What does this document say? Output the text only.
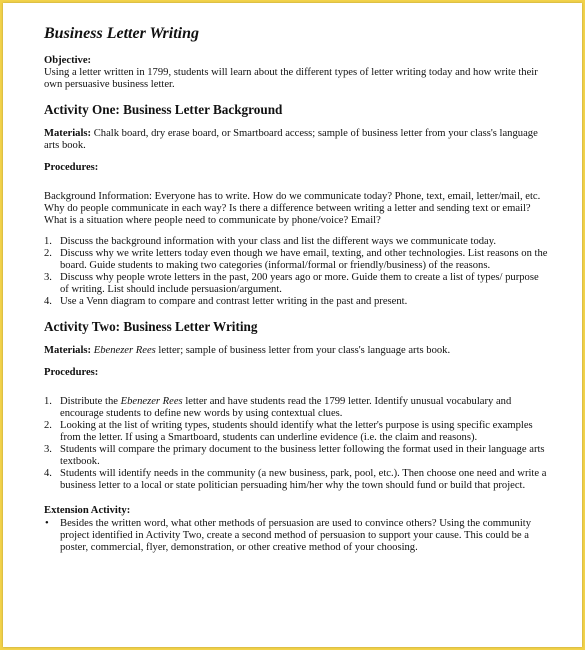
Business Letter Writing
Objective:
Using a letter written in 1799, students will learn about the different types of letter writing today and how write their own persuasive business letter.
Activity One: Business Letter Background
Materials: Chalk board, dry erase board, or Smartboard access; sample of business letter from your class's language arts book.
Procedures:
Background Information: Everyone has to write. How do we communicate today? Phone, text, email, letter/mail, etc. Why do people communicate in each way? Is there a difference between writing a letter and sending text or email? What is a situation where people need to communicate by phone/voice? Email?
1. Discuss the background information with your class and list the different ways we communicate today.
2. Discuss why we write letters today even though we have email, texting, and other technologies. List reasons on the board. Guide students to making two categories (informal/formal or friendly/business) of the reasons.
3. Discuss why people wrote letters in the past, 200 years ago or more. Guide them to create a list of types/ purpose of writing. List should include persuasion/argument.
4. Use a Venn diagram to compare and contrast letter writing in the past and present.
Activity Two: Business Letter Writing
Materials: Ebenezer Rees letter; sample of business letter from your class's language arts book.
Procedures:
1. Distribute the Ebenezer Rees letter and have students read the 1799 letter. Identify unusual vocabulary and encourage students to define new words by using contextual clues.
2. Looking at the list of writing types, students should identify what the letter's purpose is using specific examples from the letter. If using a Smartboard, students can underline evidence (i.e. the claim and reasons).
3. Students will compare the primary document to the business letter following the format used in their language arts textbook.
4. Students will identify needs in the community (a new business, park, pool, etc.). Then choose one need and write a business letter to a local or state politician persuading him/her why the town should fund or build that project.
Extension Activity:
• Besides the written word, what other methods of persuasion are used to convince others? Using the community project identified in Activity Two, create a second method of persuasion to support your cause. This could be a poster, commercial, flyer, demonstration, or other creative method of your choosing.
